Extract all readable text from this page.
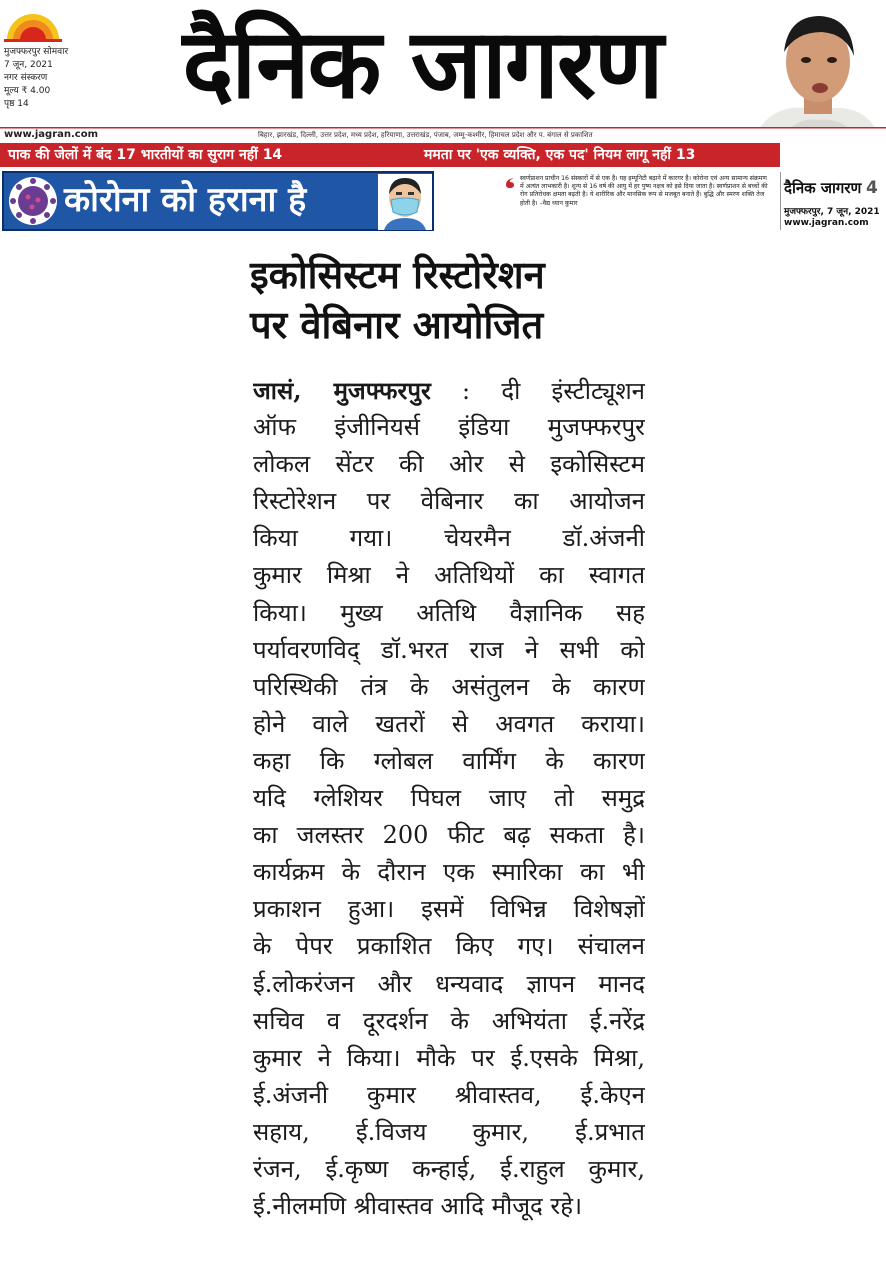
मुजफ्फरपुर सोमवार
7 जून, 2021
नगर संस्करण
मूल्य ₹ 4.00
पृष्ठ 14	दैनिक जागरण
www.jagran.com	बिहार, झारखंड, दिल्ली, उत्तर प्रदेश, मध्य प्रदेश, हरियाणा, उत्तराखंड, पंजाब, जम्मू-कश्मीर, हिमाचल प्रदेश और प. बंगाल से प्रकाशित
पाक की जेलों में बंद 17 भारतीयों का सुराग नहीं 14	ममता पर 'एक व्यक्ति, एक पद' नियम लागू नहीं 13
कोरोना को हराना है
स्वर्णप्राशन प्राचीन 16 संस्कारों में से एक है। यह इम्यूनिटी बढ़ाने में कारगर है। कोरोना एवं अन्य सामान्य संक्रमण में अत्यंत लाभकारी है। शून्य से 16 वर्ष की आयु में हर पुष्य नक्षत्र को इसे दिया जाता है। स्वर्णप्राशन से बच्चों की रोग प्रतिरोधक क्षमता बढ़ती है। ये शारीरिक और मानसिक रूप से मजबूत बनाते हैं। बुद्धि और स्मरण शक्ति तेज होती है। –वैद्य ध्यान कुमार
दैनिक जागरण 4
मुजफ्फरपुर, 7 जून, 2021
www.jagran.com
इकोसिस्टम रिस्टोरेशन
पर वेबिनार आयोजित
जासं, मुजफ्फरपुर : दी इंस्टीट्यूशन
ऑफ इंजीनियर्स इंडिया मुजफ्फरपुर
लोकल सेंटर की ओर से इकोसिस्टम
रिस्टोरेशन पर वेबिनार का आयोजन
किया गया। चेयरमैन डॉ.अंजनी
कुमार मिश्रा ने अतिथियों का स्वागत
किया। मुख्य अतिथि वैज्ञानिक सह
पर्यावरणविद् डॉ.भरत राज ने सभी को
परिस्थिकी तंत्र के असंतुलन के कारण
होने वाले खतरों से अवगत कराया।
कहा कि ग्लोबल वार्मिंग के कारण
यदि ग्लेशियर पिघल जाए तो समुद्र
का जलस्तर 200 फीट बढ़ सकता है।
कार्यक्रम के दौरान एक स्मारिका का भी
प्रकाशन हुआ। इसमें विभिन्न विशेषज्ञों
के पेपर प्रकाशित किए गए। संचालन
ई.लोकरंजन और धन्यवाद ज्ञापन मानद
सचिव व दूरदर्शन के अभियंता ई.नरेंद्र
कुमार ने किया। मौके पर ई.एसके मिश्रा,
ई.अंजनी कुमार श्रीवास्तव, ई.केएन
सहाय, ई.विजय कुमार, ई.प्रभात
रंजन, ई.कृष्ण कन्हाई, ई.राहुल कुमार,
ई.नीलमणि श्रीवास्तव आदि मौजूद रहे।
